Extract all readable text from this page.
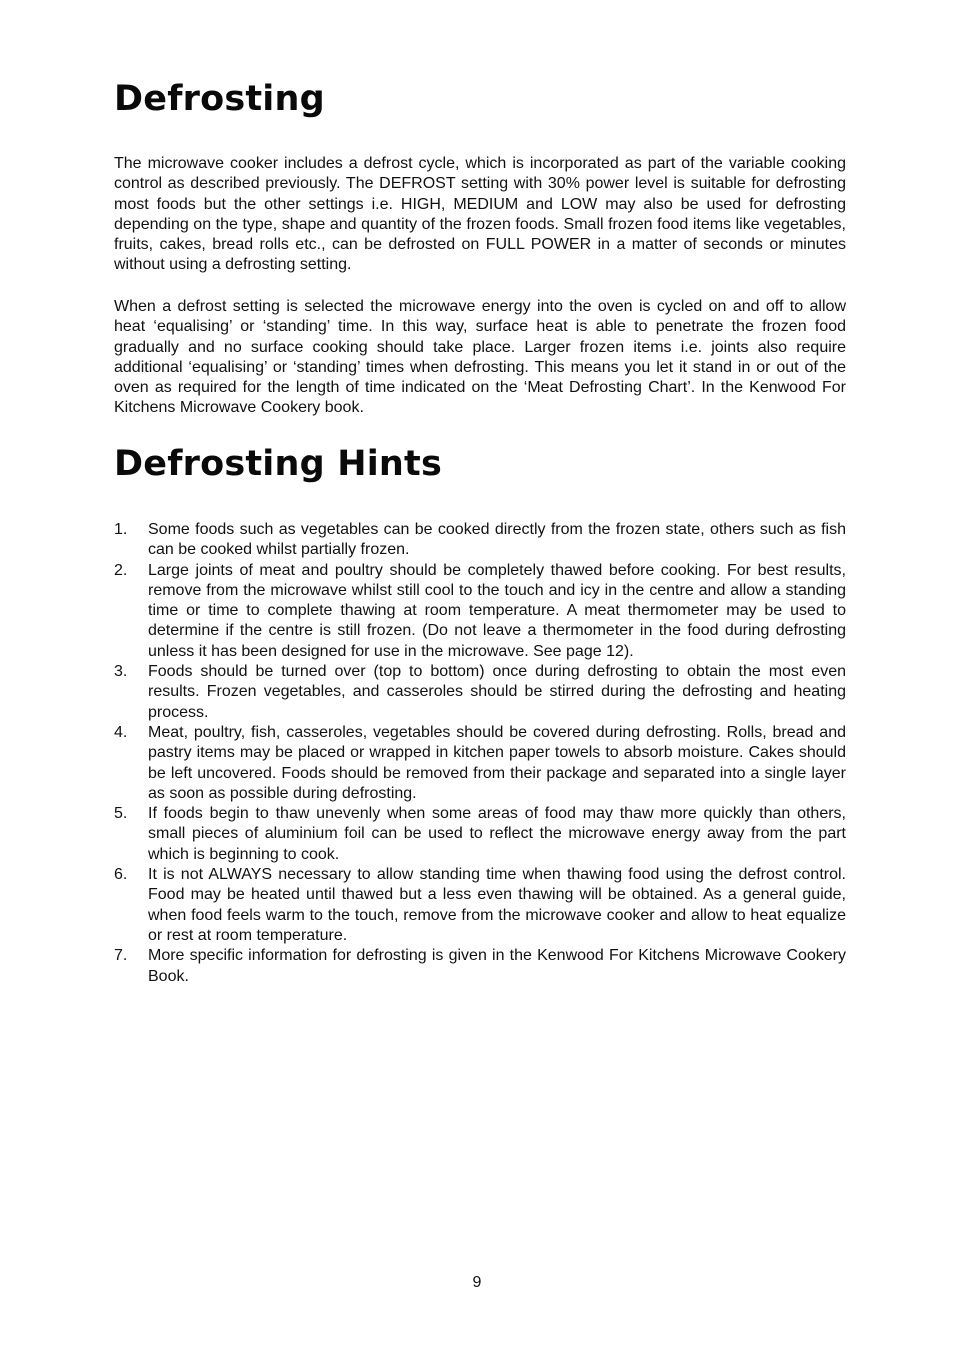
Defrosting

The microwave cooker includes a defrost cycle, which is incorporated as part of the variable cooking control as described previously. The DEFROST setting with 30% power level is suitable for defrosting most foods but the other settings i.e. HIGH, MEDIUM and LOW may also be used for defrosting depending on the type, shape and quantity of the frozen foods. Small frozen food items like vegetables, fruits, cakes, bread rolls etc., can be defrosted on FULL POWER in a matter of seconds or minutes without using a defrosting setting.

When a defrost setting is selected the microwave energy into the oven is cycled on and off to allow heat ‘equalising’ or ‘standing’ time. In this way, surface heat is able to penetrate the frozen food gradually and no surface cooking should take place. Larger frozen items i.e. joints also require additional ‘equalising’ or ‘standing’ times when defrosting. This means you let it stand in or out of the oven as required for the length of time indicated on the ‘Meat Defrosting Chart’. In the Kenwood For Kitchens Microwave Cookery book.

Defrosting Hints
1.	Some foods such as vegetables can be cooked directly from the frozen state, others such as fish can be cooked whilst partially frozen.
2.	Large joints of meat and poultry should be completely thawed before cooking. For best results, remove from the microwave whilst still cool to the touch and icy in the centre and allow a standing time or time to complete thawing at room temperature. A meat thermometer may be used to determine if the centre is still frozen. (Do not leave a thermometer in the food during defrosting unless it has been designed for use in the microwave. See page 12).
3.	Foods should be turned over (top to bottom) once during defrosting to obtain the most even results. Frozen vegetables, and casseroles should be stirred during the defrosting and heating process.
4.	Meat, poultry, fish, casseroles, vegetables should be covered during defrosting. Rolls, bread and pastry items may be placed or wrapped in kitchen paper towels to absorb moisture. Cakes should be left uncovered. Foods should be removed from their package and separated into a single layer as soon as possible during defrosting.
5.	If foods begin to thaw unevenly when some areas of food may thaw more quickly than others, small pieces of aluminium foil can be used to reflect the microwave energy away from the part which is beginning to cook.
6.	It is not ALWAYS necessary to allow standing time when thawing food using the defrost control. Food may be heated until thawed but a less even thawing will be obtained. As a general guide, when food feels warm to the touch, remove from the microwave cooker and allow to heat equalize or rest at room temperature.
7.	More specific information for defrosting is given in the Kenwood For Kitchens Microwave Cookery Book.
9
